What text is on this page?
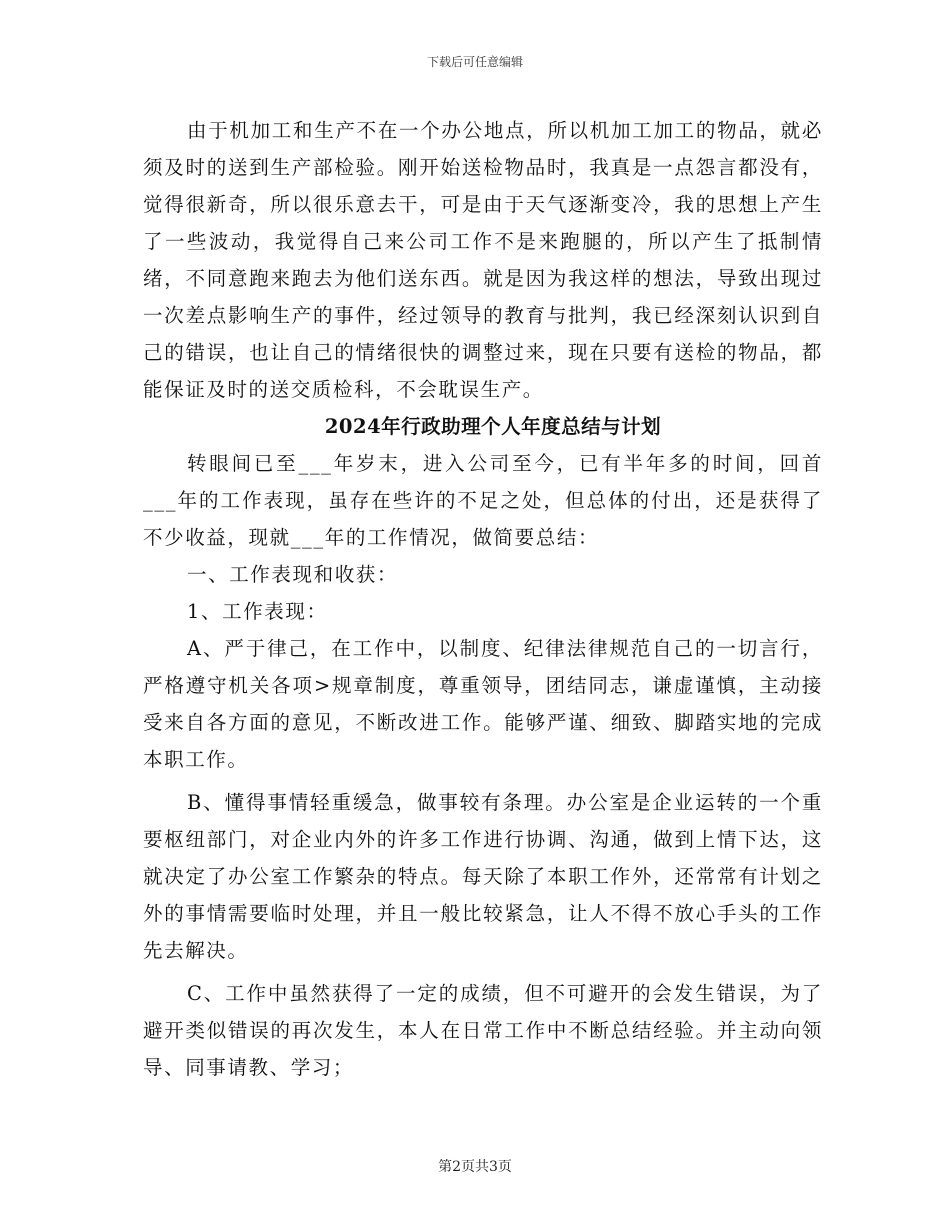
下载后可任意编辑

由于机加工和生产不在一个办公地点，所以机加工加工的物品，就必须及时的送到生产部检验。刚开始送检物品时，我真是一点怨言都没有，觉得很新奇，所以很乐意去干，可是由于天气逐渐变冷，我的思想上产生了一些波动，我觉得自己来公司工作不是来跑腿的，所以产生了抵制情绪，不同意跑来跑去为他们送东西。就是因为我这样的想法，导致出现过一次差点影响生产的事件，经过领导的教育与批判，我已经深刻认识到自己的错误，也让自己的情绪很快的调整过来，现在只要有送检的物品，都能保证及时的送交质检科，不会耽误生产。

2024年行政助理个人年度总结与计划

转眼间已至___年岁末，进入公司至今，已有半年多的时间，回首___年的工作表现，虽存在些许的不足之处，但总体的付出，还是获得了不少收益，现就___年的工作情况，做简要总结：

一、工作表现和收获：

1、工作表现：

A、严于律己，在工作中，以制度、纪律法律规范自己的一切言行，严格遵守机关各项>规章制度，尊重领导，团结同志，谦虚谨慎，主动接受来自各方面的意见，不断改进工作。能够严谨、细致、脚踏实地的完成本职工作。

B、懂得事情轻重缓急，做事较有条理。办公室是企业运转的一个重要枢纽部门，对企业内外的许多工作进行协调、沟通，做到上情下达，这就决定了办公室工作繁杂的特点。每天除了本职工作外，还常常有计划之外的事情需要临时处理，并且一般比较紧急，让人不得不放心手头的工作先去解决。

C、工作中虽然获得了一定的成绩，但不可避开的会发生错误，为了避开类似错误的再次发生，本人在日常工作中不断总结经验。并主动向领导、同事请教、学习；

第2页共3页
